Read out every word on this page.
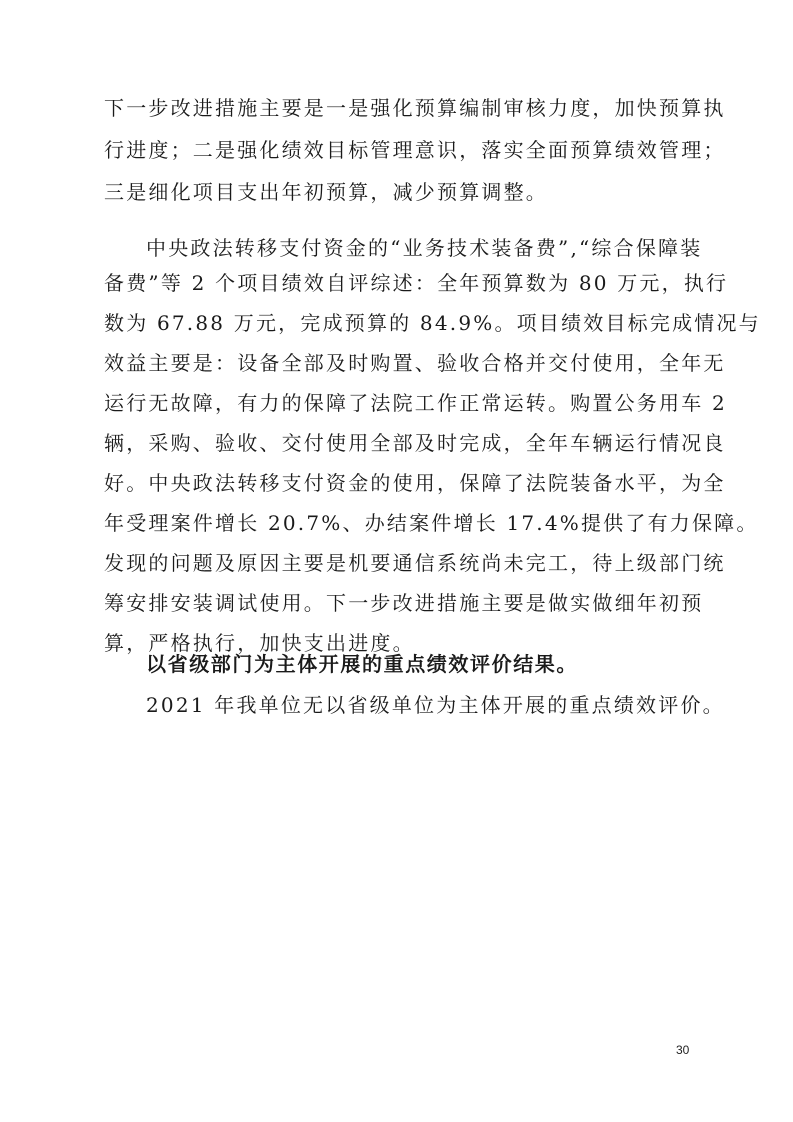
下一步改进措施主要是一是强化预算编制审核力度，加快预算执
行进度；二是强化绩效目标管理意识，落实全面预算绩效管理；
三是细化项目支出年初预算，减少预算调整。
中央政法转移支付资金的“业务技术装备费”,“综合保障装
备费”等 2 个项目绩效自评综述：全年预算数为 80 万元，执行
数为 67.88 万元，完成预算的 84.9%。项目绩效目标完成情况与
效益主要是：设备全部及时购置、验收合格并交付使用，全年无
运行无故障，有力的保障了法院工作正常运转。购置公务用车 2
辆，采购、验收、交付使用全部及时完成，全年车辆运行情况良
好。中央政法转移支付资金的使用，保障了法院装备水平，为全
年受理案件增长 20.7%、办结案件增长 17.4%提供了有力保障。
发现的问题及原因主要是机要通信系统尚未完工，待上级部门统
筹安排安装调试使用。下一步改进措施主要是做实做细年初预
算，严格执行，加快支出进度。
以省级部门为主体开展的重点绩效评价结果。
2021 年我单位无以省级单位为主体开展的重点绩效评价。
30
